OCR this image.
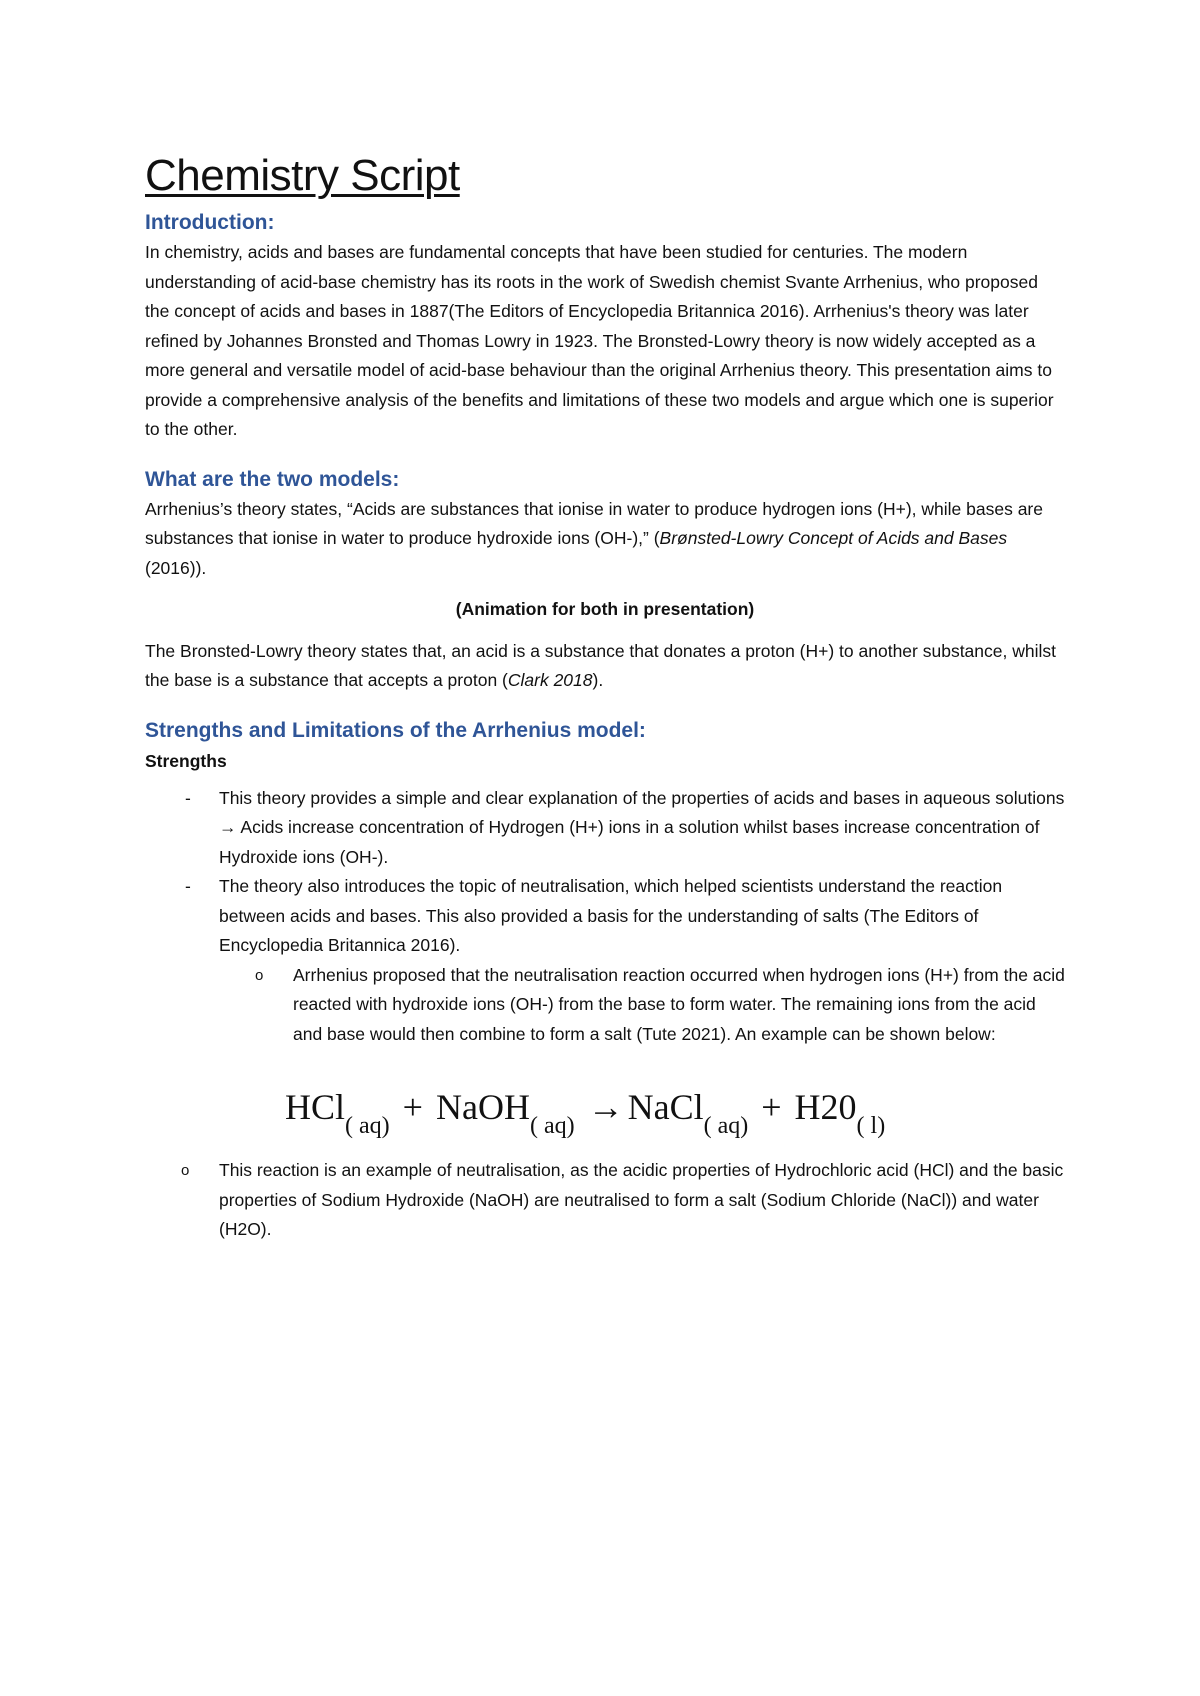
Chemistry Script
Introduction:

In chemistry, acids and bases are fundamental concepts that have been studied for centuries. The modern understanding of acid-base chemistry has its roots in the work of Swedish chemist Svante Arrhenius, who proposed the concept of acids and bases in 1887(The Editors of Encyclopedia Britannica 2016). Arrhenius's theory was later refined by Johannes Bronsted and Thomas Lowry in 1923. The Bronsted-Lowry theory is now widely accepted as a more general and versatile model of acid-base behaviour than the original Arrhenius theory. This presentation aims to provide a comprehensive analysis of the benefits and limitations of these two models and argue which one is superior to the other.

What are the two models:

Arrhenius’s theory states, “Acids are substances that ionise in water to produce hydrogen ions (H+), while bases are substances that ionise in water to produce hydroxide ions (OH-),” (Brønsted-Lowry Concept of Acids and Bases (2016)).

(Animation for both in presentation)

The Bronsted-Lowry theory states that, an acid is a substance that donates a proton (H+) to another substance, whilst the base is a substance that accepts a proton (Clark 2018).

Strengths and Limitations of the Arrhenius model:
Strengths
- This theory provides a simple and clear explanation of the properties of acids and bases in aqueous solutions → Acids increase concentration of Hydrogen (H+) ions in a solution whilst bases increase concentration of Hydroxide ions (OH-).
- The theory also introduces the topic of neutralisation, which helped scientists understand the reaction between acids and bases. This also provided a basis for the understanding of salts (The Editors of Encyclopedia Britannica 2016).
o Arrhenius proposed that the neutralisation reaction occurred when hydrogen ions (H+) from the acid reacted with hydroxide ions (OH-) from the base to form water. The remaining ions from the acid and base would then combine to form a salt (Tute 2021). An example can be shown below:
HCl$_{( aq)}$ + NaOH$_{( aq)}$ → NaCl$_{( aq)}$ + $H20_{( l)}$
o This reaction is an example of neutralisation, as the acidic properties of Hydrochloric acid (HCl) and the basic properties of Sodium Hydroxide (NaOH) are neutralised to form a salt (Sodium Chloride (NaCl)) and water (H2O).
